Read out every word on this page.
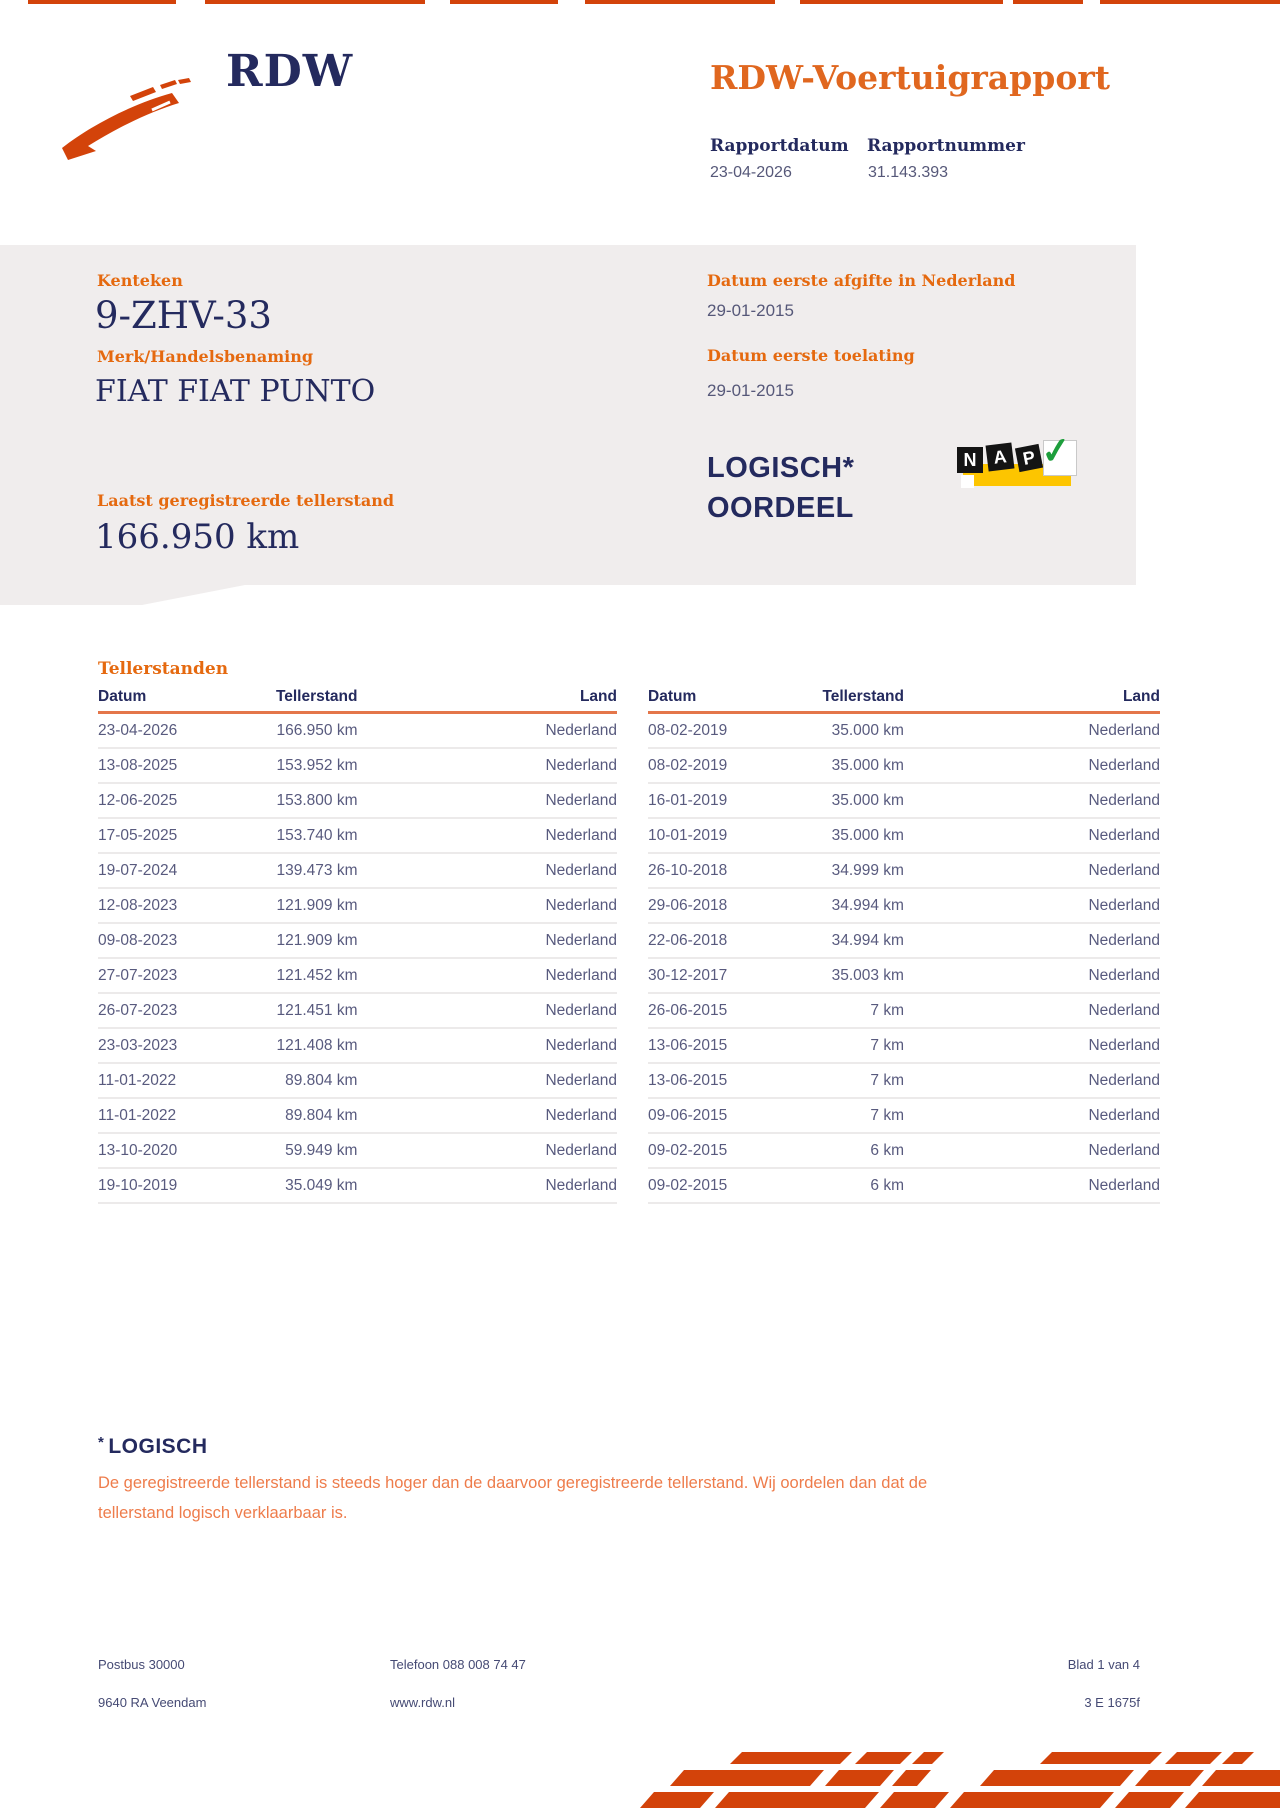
RDW	RDW-Voertuigrapport
Rapportdatum Rapportnummer
23-04-2026	31.143.393
Kenteken
9-ZHV-33
Merk/Handelsbenaming
FIAT FIAT PUNTO
Laatst geregistreerde tellerstand
166.950 km
Datum eerste afgifte in Nederland
29-01-2015
Datum eerste toelating
29-01-2015
LOGISCH*
OORDEEL
N A P ✓
Tellerstanden
Datum	Tellerstand	Land
23-04-2026	166.950 km	Nederland
13-08-2025	153.952 km	Nederland
12-06-2025	153.800 km	Nederland
17-05-2025	153.740 km	Nederland
19-07-2024	139.473 km	Nederland
12-08-2023	121.909 km	Nederland
09-08-2023	121.909 km	Nederland
27-07-2023	121.452 km	Nederland
26-07-2023	121.451 km	Nederland
23-03-2023	121.408 km	Nederland
11-01-2022	89.804 km	Nederland
11-01-2022	89.804 km	Nederland
13-10-2020	59.949 km	Nederland
19-10-2019	35.049 km	Nederland
Datum	Tellerstand	Land
08-02-2019	35.000 km	Nederland
08-02-2019	35.000 km	Nederland
16-01-2019	35.000 km	Nederland
10-01-2019	35.000 km	Nederland
26-10-2018	34.999 km	Nederland
29-06-2018	34.994 km	Nederland
22-06-2018	34.994 km	Nederland
30-12-2017	35.003 km	Nederland
26-06-2015	7 km	Nederland
13-06-2015	7 km	Nederland
13-06-2015	7 km	Nederland
09-06-2015	7 km	Nederland
09-02-2015	6 km	Nederland
09-02-2015	6 km	Nederland
* LOGISCH
De geregistreerde tellerstand is steeds hoger dan de daarvoor geregistreerde tellerstand. Wij oordelen dan dat de
tellerstand logisch verklaarbaar is.
Postbus 30000
9640 RA Veendam
Telefoon 088 008 74 47
www.rdw.nl
Blad 1 van 4
3 E 1675f
